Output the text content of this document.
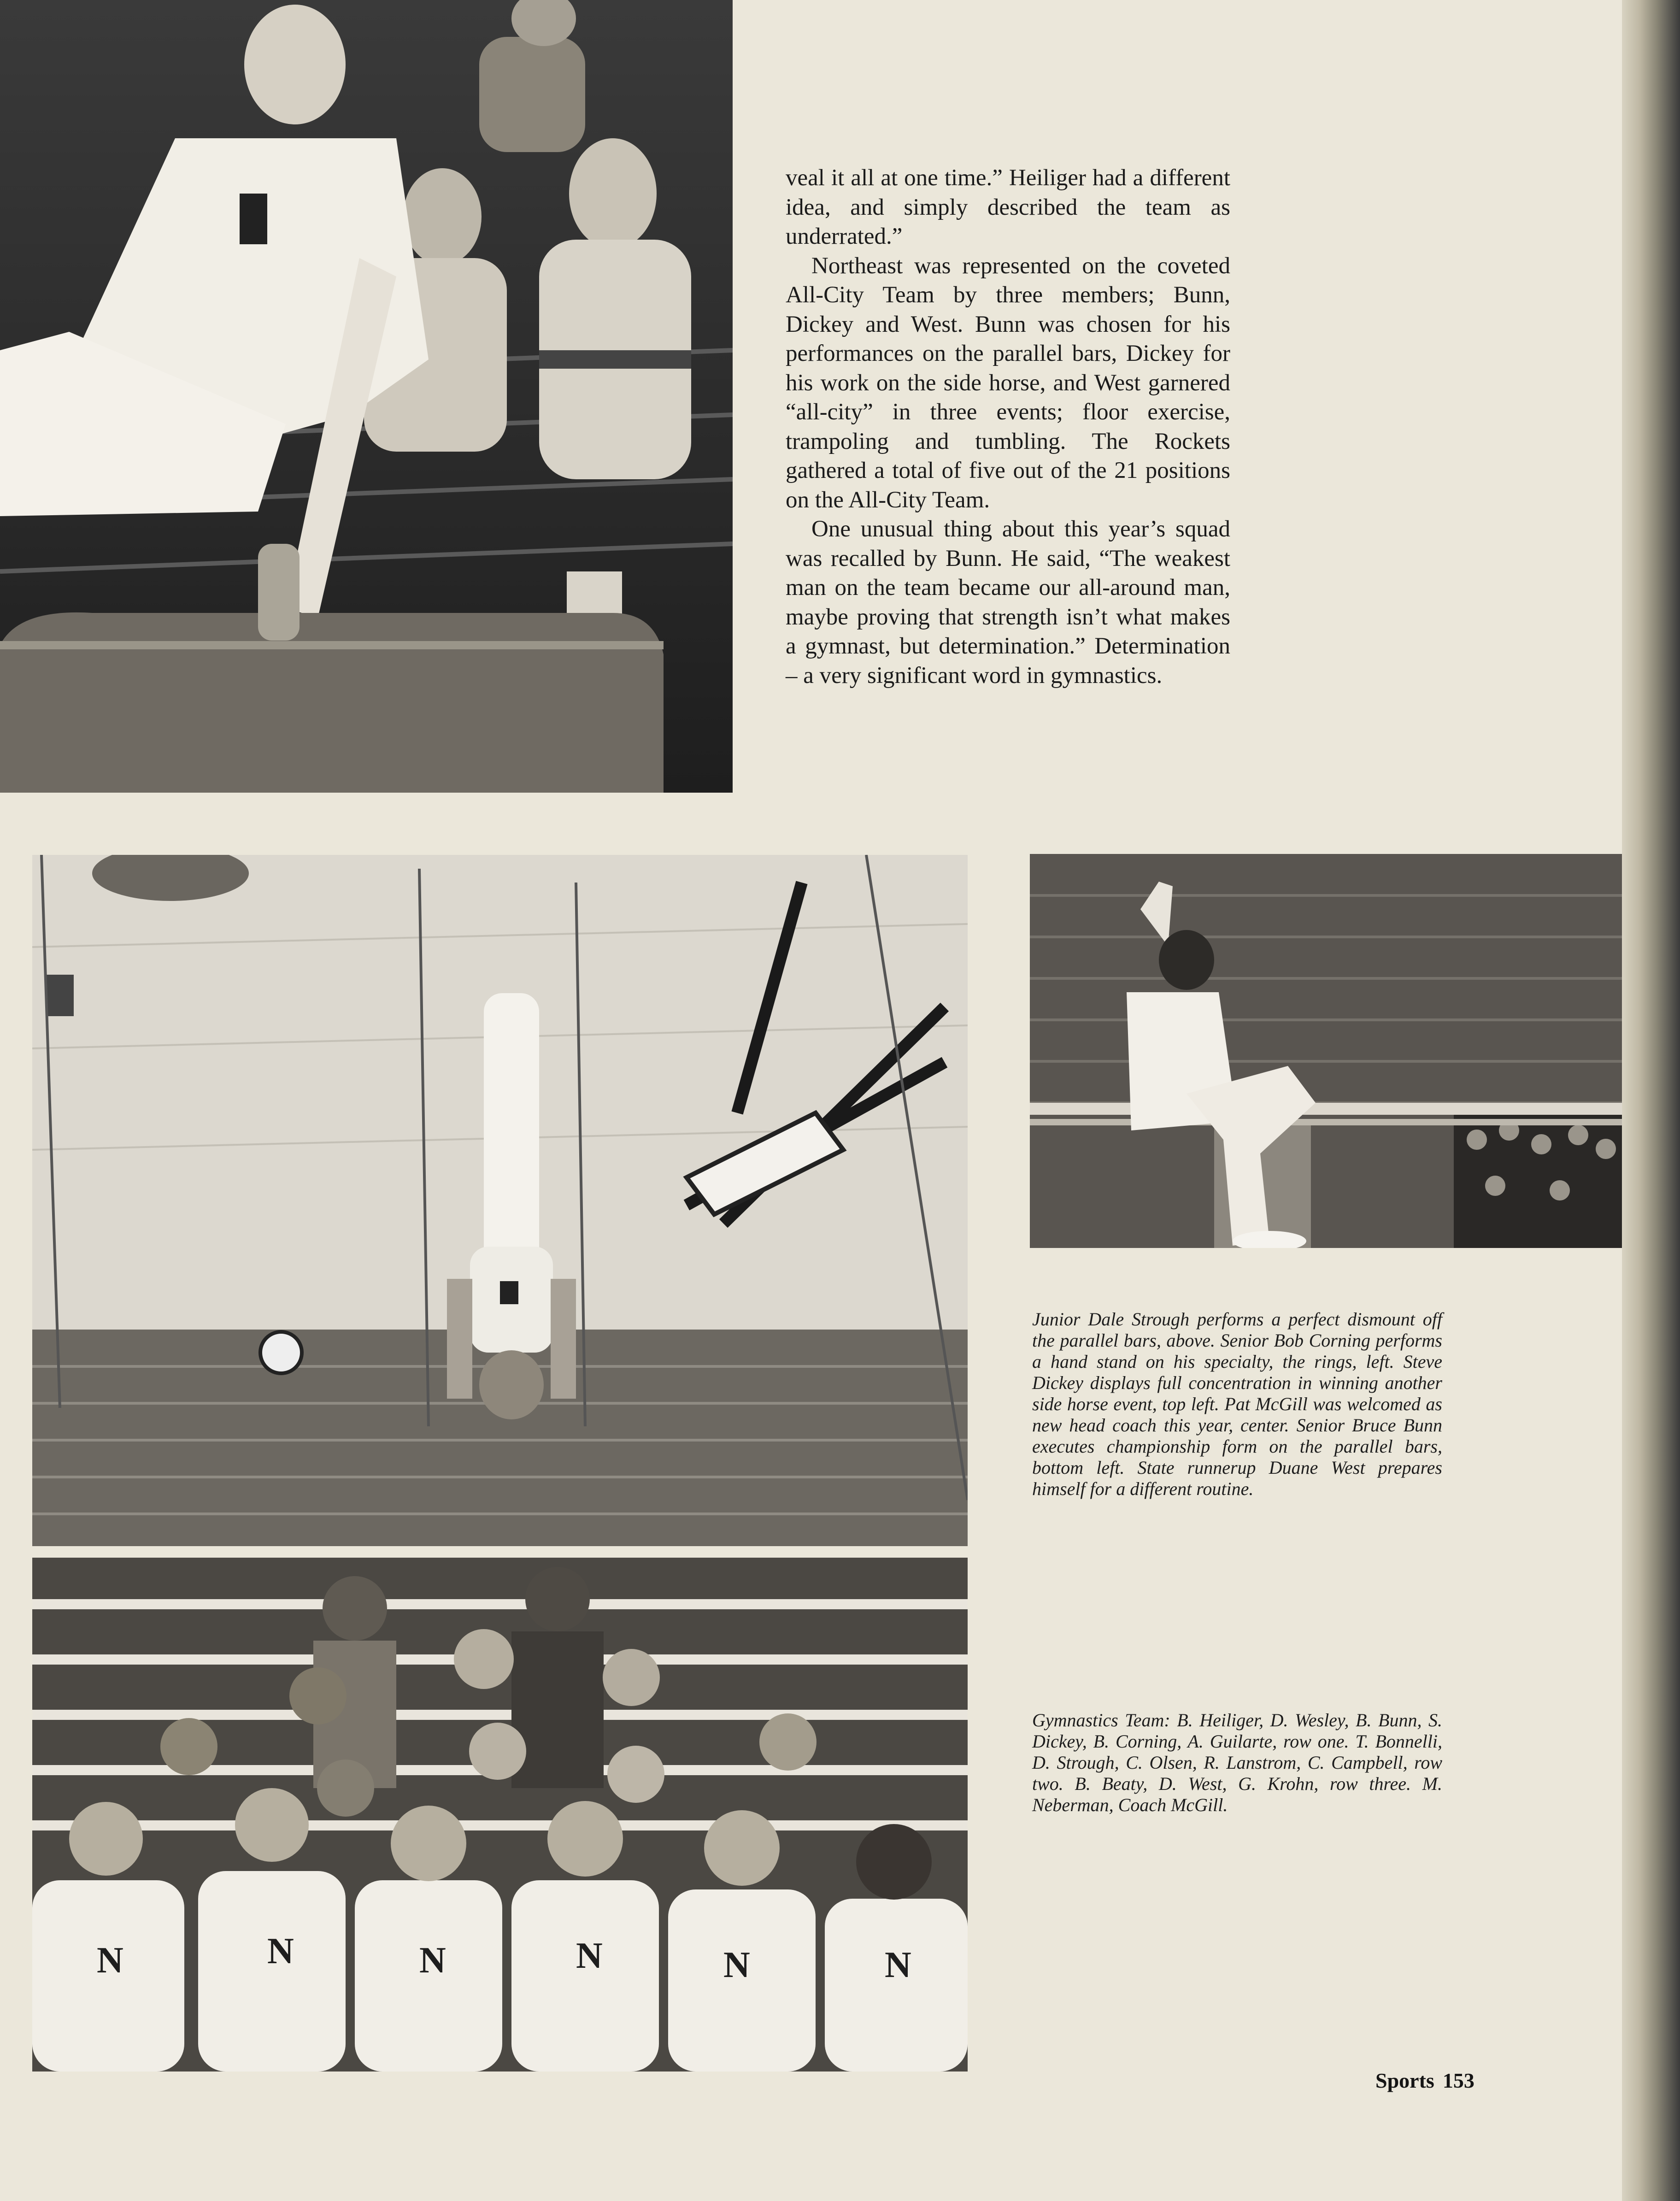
veal it all at one time.” Heiliger had a different idea, and simply described the team as underrated.”

Northeast was represented on the coveted All-City Team by three members; Bunn, Dickey and West. Bunn was chosen for his performances on the parallel bars, Dickey for his work on the side horse, and West garnered “all-city” in three events; floor exercise, trampoling and tumbling. The Rockets gathered a total of five out of the 21 positions on the All-City Team.

One unusual thing about this year’s squad was recalled by Bunn. He said, “The weakest man on the team became our all-around man, maybe proving that strength isn’t what makes a gymnast, but determination.” Determination – a very significant word in gymnastics.

N	N	N	N	N	N
Junior Dale Strough performs a perfect dismount off the parallel bars, above. Senior Bob Corning performs a hand stand on his specialty, the rings, left. Steve Dickey displays full concentration in winning another side horse event, top left. Pat McGill was welcomed as new head coach this year, center. Senior Bruce Bunn executes championship form on the parallel bars, bottom left. State runnerup Duane West prepares himself for a different routine.
Gymnastics Team: B. Heiliger, D. Wesley, B. Bunn, S. Dickey, B. Corning, A. Guilarte, row one. T. Bonnelli, D. Strough, C. Olsen, R. Lanstrom, C. Campbell, row two. B. Beaty, D. West, G. Krohn, row three. M. Neberman, Coach McGill.
Sports 153
